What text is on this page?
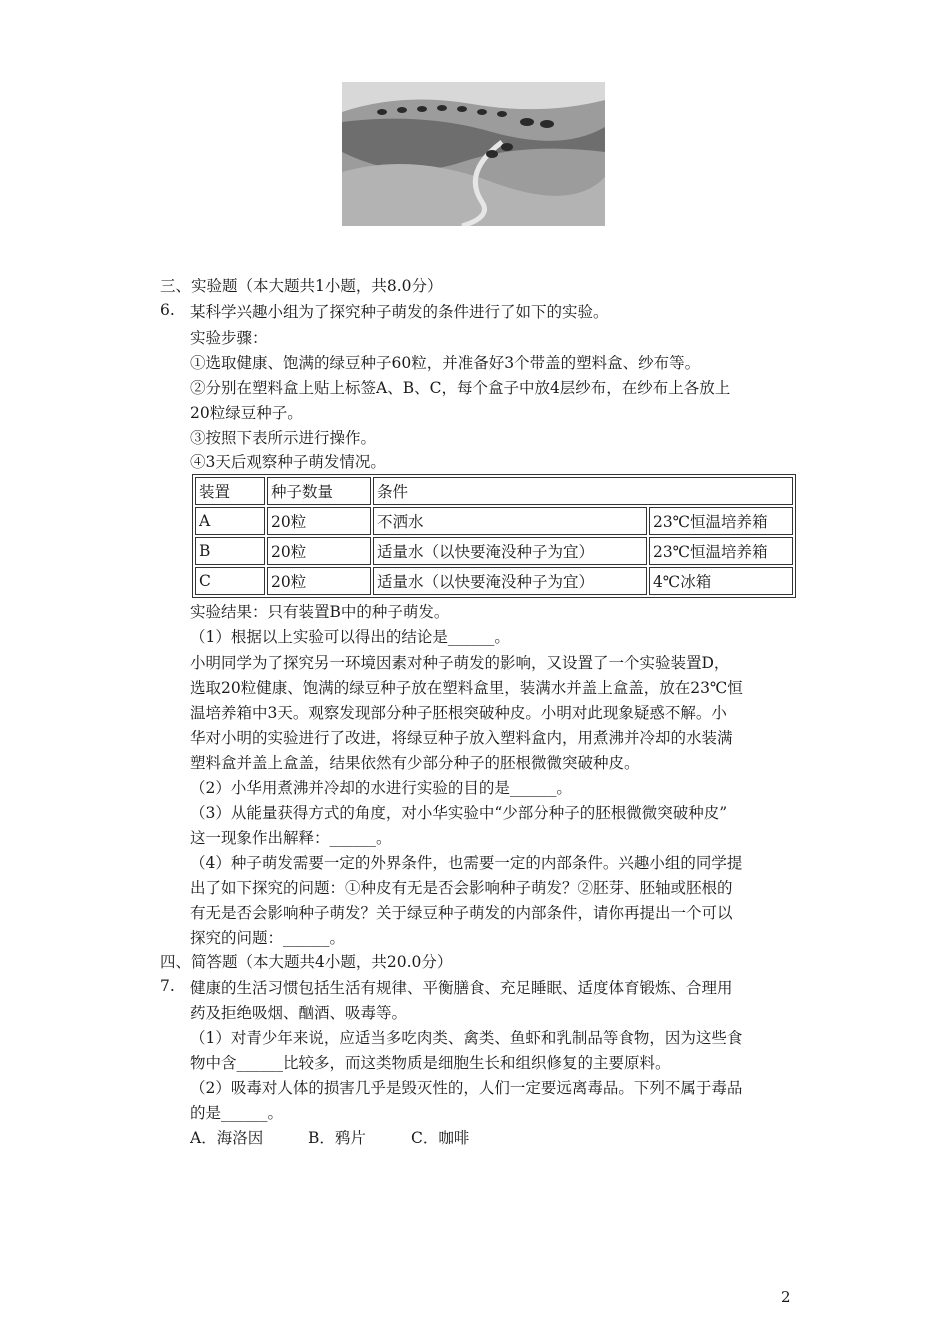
三、实验题（本大题共1小题，共8.0分）
6. 某科学兴趣小组为了探究种子萌发的条件进行了如下的实验。
实验步骤：
①选取健康、饱满的绿豆种子60粒，并准备好3个带盖的塑料盒、纱布等。
②分别在塑料盒上贴上标签A、B、C，每个盒子中放4层纱布，在纱布上各放上
20粒绿豆种子。
③按照下表所示进行操作。
④3天后观察种子萌发情况。
装置	种子数量	条件	
A	20粒	不洒水	23℃恒温培养箱
B	20粒	适量水（以快要淹没种子为宜）	23℃恒温培养箱
C	20粒	适量水（以快要淹没种子为宜）	4℃冰箱
实验结果：只有装置B中的种子萌发。
（1）根据以上实验可以得出的结论是______。
小明同学为了探究另一环境因素对种子萌发的影响，又设置了一个实验装置D，
选取20粒健康、饱满的绿豆种子放在塑料盒里，装满水并盖上盒盖，放在23℃恒
温培养箱中3天。观察发现部分种子胚根突破种皮。小明对此现象疑惑不解。小
华对小明的实验进行了改进，将绿豆种子放入塑料盒内，用煮沸并冷却的水装满
塑料盒并盖上盒盖，结果依然有少部分种子的胚根微微突破种皮。
（2）小华用煮沸并冷却的水进行实验的目的是______。
（3）从能量获得方式的角度，对小华实验中“少部分种子的胚根微微突破种皮”
这一现象作出解释：______。
（4）种子萌发需要一定的外界条件，也需要一定的内部条件。兴趣小组的同学提
出了如下探究的问题：①种皮有无是否会影响种子萌发？②胚芽、胚轴或胚根的
有无是否会影响种子萌发？关于绿豆种子萌发的内部条件，请你再提出一个可以
探究的问题：______。
四、简答题（本大题共4小题，共20.0分）
7. 健康的生活习惯包括生活有规律、平衡膳食、充足睡眠、适度体育锻炼、合理用
药及拒绝吸烟、酗酒、吸毒等。
（1）对青少年来说，应适当多吃肉类、禽类、鱼虾和乳制品等食物，因为这些食
物中含______比较多，而这类物质是细胞生长和组织修复的主要原料。
（2）吸毒对人体的损害几乎是毁灭性的，人们一定要远离毒品。下列不属于毒品
的是______。
A．海洛因	B．鸦片	C．咖啡
2
